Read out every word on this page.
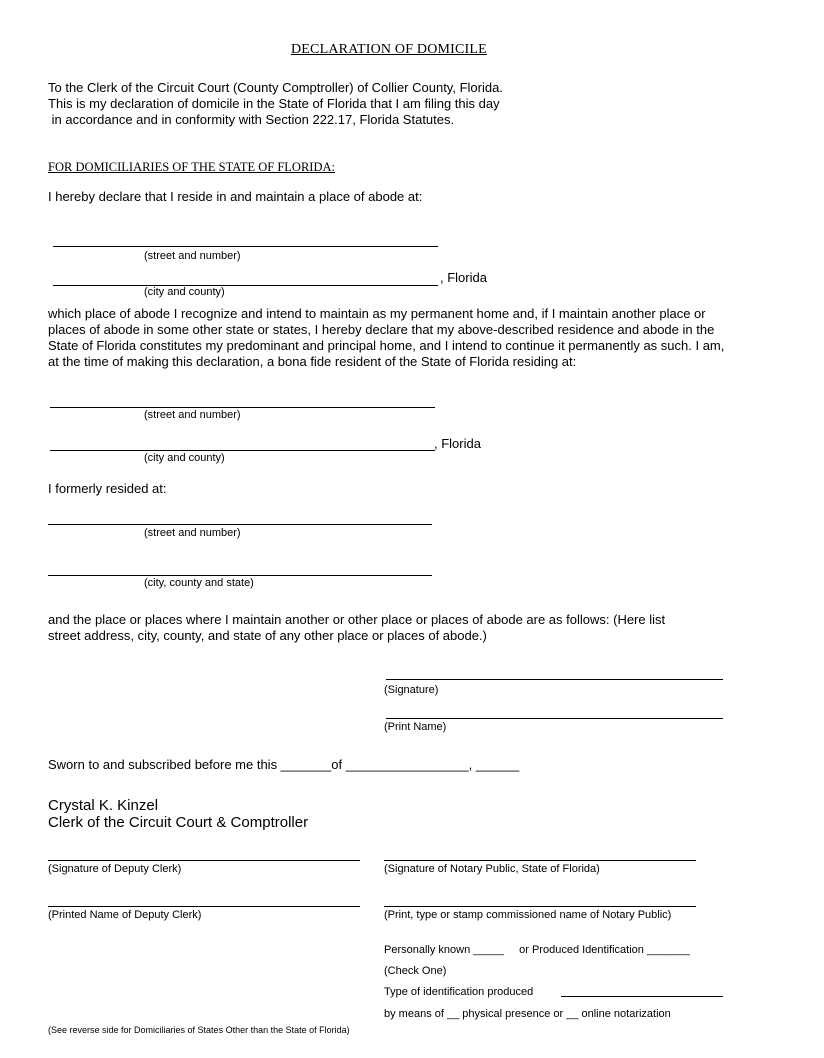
DECLARATION OF DOMICILE
To the Clerk of the Circuit Court (County Comptroller) of Collier County, Florida.
This is my declaration of domicile in the State of Florida that I am filing this day
in accordance and in conformity with Section 222.17, Florida Statutes.
FOR DOMICILIARIES OF THE STATE OF FLORIDA:
I hereby declare that I reside in and maintain a place of abode at:
(street and number)
, Florida
(city and county)
which place of abode I recognize and intend to maintain as my permanent home and, if I maintain another place or
places of abode in some other state or states, I hereby declare that my above-described residence and abode in the
State of Florida constitutes my predominant and principal home, and I intend to continue it permanently as such. I am,
at the time of making this declaration, a bona fide resident of the State of Florida residing at:
(street and number)
, Florida
(city and county)
I formerly resided at:
(street and number)
(city, county and state)
and the place or places where I maintain another or other place or places of abode are as follows: (Here list
street address, city, county, and state of any other place or places of abode.)
(Signature)
(Print Name)
Sworn to and subscribed before me this _______of _________________, ______
Crystal K. Kinzel
Clerk of the Circuit Court & Comptroller
(Signature of Deputy Clerk)	(Signature of Notary Public, State of Florida)
(Printed Name of Deputy Clerk)	(Print, type or stamp commissioned name of Notary Public)
Personally known _____     or Produced Identification _______
(Check One)
Type of identification produced
by means of __ physical presence or __ online notarization
(See reverse side for Domiciliaries of States Other than the State of Florida)
